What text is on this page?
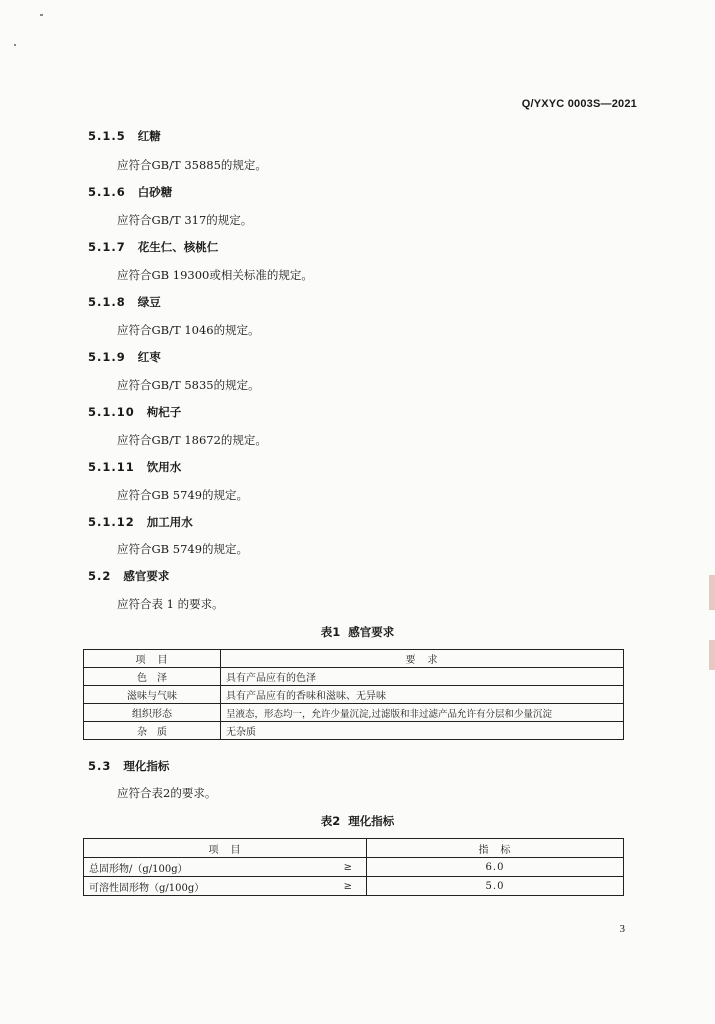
Q/YXYC 0003S—2021
5.1.5 红糖
应符合GB/T 35885的规定。
5.1.6 白砂糖
应符合GB/T 317的规定。
5.1.7 花生仁、核桃仁
应符合GB 19300或相关标准的规定。
5.1.8 绿豆
应符合GB/T 1046的规定。
5.1.9 红枣
应符合GB/T 5835的规定。
5.1.10 枸杞子
应符合GB/T 18672的规定。
5.1.11 饮用水
应符合GB 5749的规定。
5.1.12 加工用水
应符合GB 5749的规定。
5.2 感官要求
应符合表 1 的要求。
表1 感官要求
项　目	要　求
色　泽	具有产品应有的色泽
滋味与气味	具有产品应有的香味和滋味、无异味
组织形态	呈液态，形态均一，允许少量沉淀,过滤版和非过滤产品允许有分层和少量沉淀
杂　质	无杂质
5.3 理化指标
应符合表2的要求。
表2 理化指标
项　目		指　标
总固形物/（g/100g）	≥	6.0
可溶性固形物（g/100g）	≥	5.0
3
